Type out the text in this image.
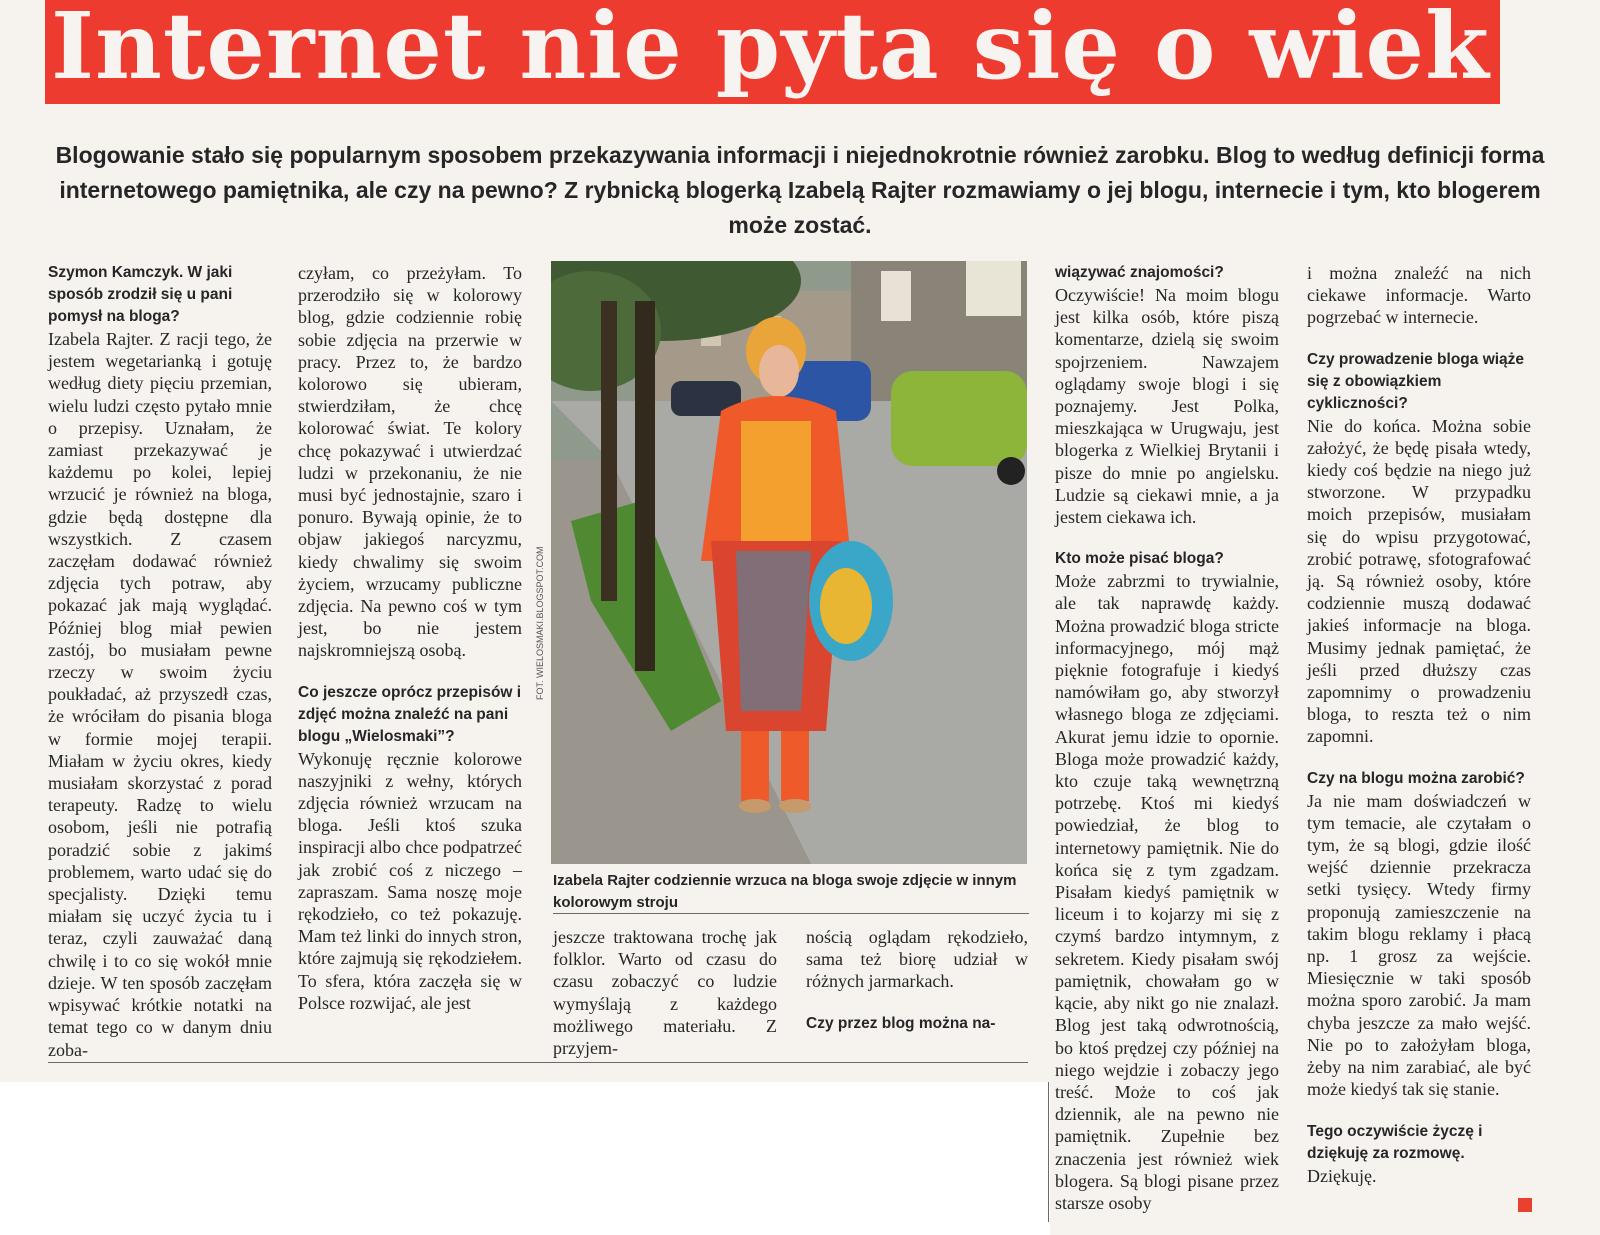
Internet nie pyta się o wiek
Blogowanie stało się popularnym sposobem przekazywania informacji i niejednokrotnie również zarobku. Blog to według definicji forma internetowego pamiętnika, ale czy na pewno? Z rybnicką blogerką Izabelą Rajter rozmawiamy o jej blogu, internecie i tym, kto blogerem może zostać.

Szymon Kamczyk. W jaki sposób zrodził się u pani pomysł na bloga?

Izabela Rajter. Z racji tego, że jestem wegetarianką i gotuję według diety pięciu przemian, wielu ludzi często pytało mnie o przepisy. Uznałam, że zamiast przekazywać je każdemu po kolei, lepiej wrzucić je również na bloga, gdzie będą dostępne dla wszystkich. Z czasem zaczęłam dodawać również zdjęcia tych potraw, aby pokazać jak mają wyglądać. Później blog miał pewien zastój, bo musiałam pewne rzeczy w swoim życiu poukładać, aż przyszedł czas, że wróciłam do pisania bloga w formie mojej terapii. Miałam w życiu okres, kiedy musiałam skorzystać z porad terapeuty. Radzę to wielu osobom, jeśli nie potrafią poradzić sobie z jakimś problemem, warto udać się do specjalisty. Dzięki temu miałam się uczyć życia tu i teraz, czyli zauważać daną chwilę i to co się wokół mnie dzieje. W ten sposób zaczęłam wpisywać krótkie notatki na temat tego co w danym dniu zoba-

czyłam, co przeżyłam. To przerodziło się w kolorowy blog, gdzie codziennie robię sobie zdjęcia na przerwie w pracy. Przez to, że bardzo kolorowo się ubieram, stwierdziłam, że chcę kolorować świat. Te kolory chcę pokazywać i utwierdzać ludzi w przekonaniu, że nie musi być jednostajnie, szaro i ponuro. Bywają opinie, że to objaw jakiegoś narcyzmu, kiedy chwalimy się swoim życiem, wrzucamy publiczne zdjęcia. Na pewno coś w tym jest, bo nie jestem najskromniejszą osobą.

Co jeszcze oprócz przepisów i zdjęć można znaleźć na pani blogu „Wielosmaki”?

Wykonuję ręcznie kolorowe naszyjniki z wełny, których zdjęcia również wrzucam na bloga. Jeśli ktoś szuka inspiracji albo chce podpatrzeć jak zrobić coś z niczego – zapraszam. Sama noszę moje rękodzieło, co też pokazuję. Mam też linki do innych stron, które zajmują się rękodziełem. To sfera, która zaczęła się w Polsce rozwijać, ale jest

FOT. WIELOSMAKI.BLOGSPOT.COM
Izabela Rajter codziennie wrzuca na bloga swoje zdjęcie w innym kolorowym stroju

jeszcze traktowana trochę jak folklor. Warto od czasu do czasu zobaczyć co ludzie wymyślają z każdego możliwego materiału. Z przyjem-

nością oglądam rękodzieło, sama też biorę udział w różnych jarmarkach.

Czy przez blog można na-

wiązywać znajomości?

Oczywiście! Na moim blogu jest kilka osób, które piszą komentarze, dzielą się swoim spojrzeniem. Nawzajem oglądamy swoje blogi i się poznajemy. Jest Polka, mieszkająca w Urugwaju, jest blogerka z Wielkiej Brytanii i pisze do mnie po angielsku. Ludzie są ciekawi mnie, a ja jestem ciekawa ich.

Kto może pisać bloga?

Może zabrzmi to trywialnie, ale tak naprawdę każdy. Można prowadzić bloga stricte informacyjnego, mój mąż pięknie fotografuje i kiedyś namówiłam go, aby stworzył własnego bloga ze zdjęciami. Akurat jemu idzie to opornie. Bloga może prowadzić każdy, kto czuje taką wewnętrzną potrzebę. Ktoś mi kiedyś powiedział, że blog to internetowy pamiętnik. Nie do końca się z tym zgadzam. Pisałam kiedyś pamiętnik w liceum i to kojarzy mi się z czymś bardzo intymnym, z sekretem. Kiedy pisałam swój pamiętnik, chowałam go w kącie, aby nikt go nie znalazł. Blog jest taką odwrotnością, bo ktoś prędzej czy później na niego wejdzie i zobaczy jego treść. Może to coś jak dziennik, ale na pewno nie pamiętnik. Zupełnie bez znaczenia jest również wiek blogera. Są blogi pisane przez starsze osoby

i można znaleźć na nich ciekawe informacje. Warto pogrzebać w internecie.

Czy prowadzenie bloga wiąże się z obowiązkiem cykliczności?

Nie do końca. Można sobie założyć, że będę pisała wtedy, kiedy coś będzie na niego już stworzone. W przypadku moich przepisów, musiałam się do wpisu przygotować, zrobić potrawę, sfotografować ją. Są również osoby, które codziennie muszą dodawać jakieś informacje na bloga. Musimy jednak pamiętać, że jeśli przed dłuższy czas zapomnimy o prowadzeniu bloga, to reszta też o nim zapomni.

Czy na blogu można zarobić?

Ja nie mam doświadczeń w tym temacie, ale czytałam o tym, że są blogi, gdzie ilość wejść dziennie przekracza setki tysięcy. Wtedy firmy proponują zamieszczenie na takim blogu reklamy i płacą np. 1 grosz za wejście. Miesięcznie w taki sposób można sporo zarobić. Ja mam chyba jeszcze za mało wejść. Nie po to założyłam bloga, żeby na nim zarabiać, ale być może kiedyś tak się stanie.

Tego oczywiście życzę i dziękuję za rozmowę.

Dziękuję.
